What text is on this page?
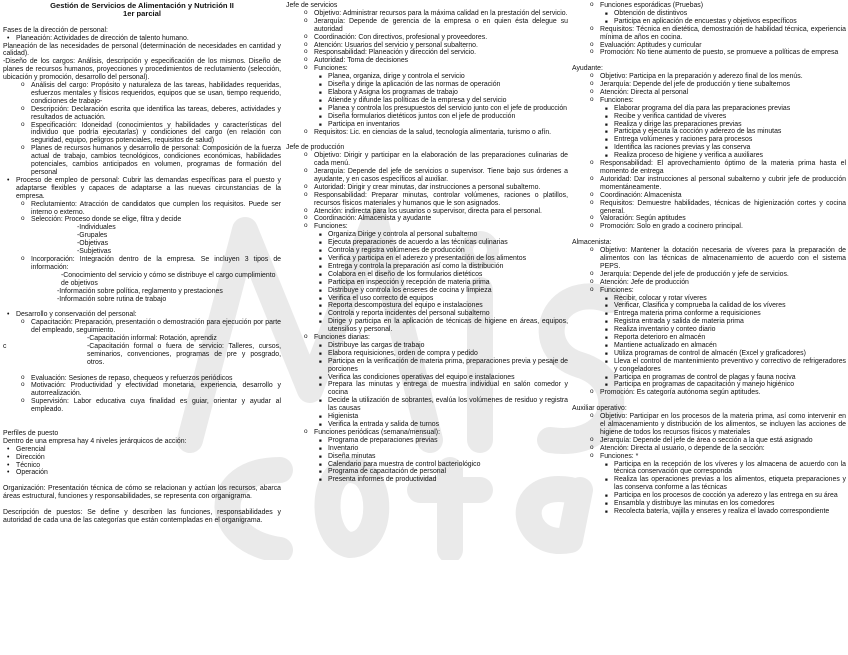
Gestión de Servicios de Alimentación y Nutrición II
1er parcial

Fases de la dirección de personal:

• Planeación: Actividades de dirección de talento humano.

Planeación de las necesidades de personal (determinación de necesidades en cantidad y calidad).

-Diseño de los cargos: Análisis, descripción y especificación de los mismos. Diseño de planes de recursos humanos, proyecciones y procedimientos de reclutamiento (selección, ubicación y promoción, desarrollo del personal).

o Análisis del cargo: Propósito y naturaleza de las tareas, habilidades requeridas, esfuerzos mentales y físicos requeridos, equipos que se usan, tiempo requerido, condiciones de trabajo-
o Descripción: Declaración escrita que identifica las tareas, deberes, actividades y resultados de actuación.
o Especificación: Idoneidad (conocimientos y habilidades y características del individuo que podría ejecutarlas) y condiciones del cargo (en relación con seguridad, equipo, peligros potenciales, requisitos de salud)
o Planes de recursos humanos y desarrollo de personal: Composición de la fuerza actual de trabajo, cambios tecnológicos, condiciones económicas, habilidades potenciales, cambios anticipados en volumen, programas de formación del personal
• Proceso de empleo de personal: Cubrir las demandas específicas para el puesto y adaptarse flexibles y capaces de adaptarse a las nuevas circunstancias de la empresa.
o Reclutamiento: Atracción de candidatos que cumplen los requisitos. Puede ser interno o externo.
o Selección: Proceso donde se elige, filtra y decide

-Individuales

-Grupales

-Objetivas

-Subjetivas

o Incorporación: Integración dentro de la empresa. Se incluyen 3 tipos de información:

-Conocimiento del servicio y cómo se distribuye el cargo cumplimiento de objetivos

-Información sobre política, reglamento y prestaciones

-Información sobre rutina de trabajo

• Desarrollo y conservación del personal:
o Capacitación: Preparación, presentación o demostración para ejecución por parte del empleado, seguimiento.

-Capacitación informal: Rotación, aprendiz

-Capacitación formal o fuera de servicio: Talleres, cursos, seminarios, convenciones, programas de pre y posgrado, otros.

o Evaluación: Sesiones de repaso, chequeos y refuerzos periódicos
o Motivación: Productividad y efectividad monetaria, experiencia, desarrollo y autorrealización.
o Supervisión: Labor educativa cuya finalidad es guiar, orientar y ayudar al empleado.

Perfiles de puesto

Dentro de una empresa hay 4 niveles jerárquicos de acción:

• Gerencial
• Dirección
• Técnico
• Operación

Organización: Presentación técnica de cómo se relacionan y actúan los recursos, abarca áreas estructural, funciones y responsabilidades, se representa con organigrama.

Descripción de puestos: Se define y describen las funciones, responsabilidades y autoridad de cada una de las categorías que están contempladas en el organigrama.

c

Jefe de servicios

o Objetivo: Administrar recursos para la máxima calidad en la prestación del servicio.
o Jerarquía: Depende de gerencia de la empresa o en quien ésta delegue su autoridad
o Coordinación: Con directivos, profesional y proveedores.
o Atención: Usuarios del servicio y personal subalterno.
o Responsabilidad: Planeación y dirección del servicio.
o Autoridad: Toma de decisiones
o Funciones:
■ Planea, organiza, dirige y controla el servicio
■ Diseña y dirige la aplicación de las normas de operación
■ Elabora y Asigna los programas de trabajo
■ Atiende y difunde las políticas de la empresa y del servicio
■ Planea y controla los presupuestos del servicio junto con el jefe de producción
■ Diseña formularios dietéticos juntos con el jefe de producción
■ Participa en inventarios
o Requisitos: Lic. en ciencias de la salud, tecnología alimentaria, turismo o afín.

Jefe de producción

o Objetivo: Dirigir y participar en la elaboración de las preparaciones culinarias de cada menú.
o Jerarquía: Depende del jefe de servicios o supervisor. Tiene bajo sus órdenes a ayudante, y en casos específicos al auxiliar.
o Autoridad: Dirigir y crear minutas, dar instrucciones a personal subalterno.
o Responsabilidad: Preparar minutas, controlar volúmenes, raciones o platillos, recursos físicos materiales y humanos que le son asignados.
o Atención: indirecta para los usuarios o supervisor, directa para el personal.
o Coordinación: Almacenista y ayudante
o Funciones:
■ Organiza Dirige y controla al personal subalterno
■ Ejecuta preparaciones de acuerdo a las técnicas culinarias
■ Controla y registra volúmenes de producción
■ Verifica y participa en el aderezo y presentación de los alimentos
■ Entrega y controla la preparación así como la distribución
■ Colabora en el diseño de los formularios dietéticos
■ Participa en inspección y recepción de materia prima
■ Distribuye y controla los enseres de cocina y limpieza
■ Verifica el uso correcto de equipos
■ Reporta descompostura del equipo e instalaciones
■ Controla y reporta incidentes del personal subalterno
■ Dirige y participa en la aplicación de técnicas de higiene en áreas, equipos, utensilios y personal.
o Funciones diarias:
■ Distribuye las cargas de trabajo
■ Elabora requisiciones, orden de compra y pedido
■ Participa en la verificación de materia prima, preparaciones previa y pesaje de porciones
■ Verifica las condiciones operativas del equipo e instalaciones
■ Prepara las minutas y entrega de muestra individual en salón comedor y cocina
■ Decide la utilización de sobrantes, evalúa los volúmenes de residuo y registra las causas
■ Higienista
■ Verifica la entrada y salida de turnos
o Funciones periódicas (semana/mensual):
■ Programa de preparaciones previas
■ Inventario
■ Diseña minutas
■ Calendario para muestra de control bacteriológico
■ Programa de capacitación de personal
■ Presenta informes de productividad
o Funciones esporádicas (Pruebas)
■ Obtención de distintivos
■ Participa en aplicación de encuestas y objetivos específicos
o Requisitos: Técnica en dietética, demostración de habilidad técnica, experiencia mínima de años en cocina.
o Evaluación: Aptitudes y curricular
o Promoción: No tiene aumento de puesto, se promueve a políticas de empresa

Ayudante:

o Objetivo: Participa en la preparación y aderezo final de los menús.
o Jerarquía: Depende del jefe de producción y tiene subalternos
o Atención: Directa al personal
o Funciones:
■ Elaborar programa del día para las preparaciones previas
■ Recibe y verifica cantidad de víveres
■ Realiza y dirige las preparaciones previas
■ Participa y ejecuta la cocción y aderezo de las minutas
■ Entrega volúmenes y raciones para procesos
■ Identifica las raciones previas y las conserva
■ Realiza proceso de higiene y verifica a auxiliares
o Responsabilidad: El aprovechamiento óptimo de la materia prima hasta el momento de entrega
o Autoridad: Dar instrucciones al personal subalterno y cubrir jefe de producción momentáneamente.
o Coordinación: Almacenista
o Requisitos: Demuestre habilidades, técnicas de higienización cortes y cocina general.
o Valoración: Según aptitudes
o Promoción: Solo en grado a cocinero principal.

Almacenista:

o Objetivo: Mantener la dotación necesaria de víveres para la preparación de alimentos con las técnicas de almacenamiento de acuerdo con el sistema PEPS.
o Jerarquía: Depende del jefe de producción y jefe de servicios.
o Atención: Jefe de producción
o Funciones:
■ Recibir, colocar y rotar víveres
■ Verificar, Clasifica y comprueba la calidad de los víveres
■ Entrega materia prima conforme a requisiciones
■ Registra entrada y salida de materia prima
■ Realiza inventario y conteo diario
■ Reporta deterioro en almacén
■ Mantiene actualizado en almacén
■ Utiliza programas de control de almacén (Excel y graficadores)
■ Lleva el control de mantenimiento preventivo y correctivo de refrigeradores y congeladores
■ Participa en programas de control de plagas y fauna nociva
■ Participa en programas de capacitación y manejo higiénico
o Promoción: Es categoría autónoma según aptitudes.

Auxiliar operativo:

o Objetivo: Participar en los procesos de la materia prima, así como intervenir en el almacenamiento y distribución de los alimentos, se incluyen las acciones de higiene de todos los recursos físicos y materiales
o Jerarquía: Depende del jefe de área o sección a la que está asignado
o Atención: Directa al usuario, o depende de la sección:
o Funciones: *
■ Participa en la recepción de los víveres y los almacena de acuerdo con la técnica conservación que corresponda
■ Realiza las operaciones previas a los alimentos, etiqueta preparaciones y las conserva conforme a las técnicas
■ Participa en los procesos de cocción ya aderezo y las entrega en su área
■ Ensambla y distribuye las minutas en los comedores
■ Recolecta batería, vajilla y enseres y realiza el lavado correspondiente
